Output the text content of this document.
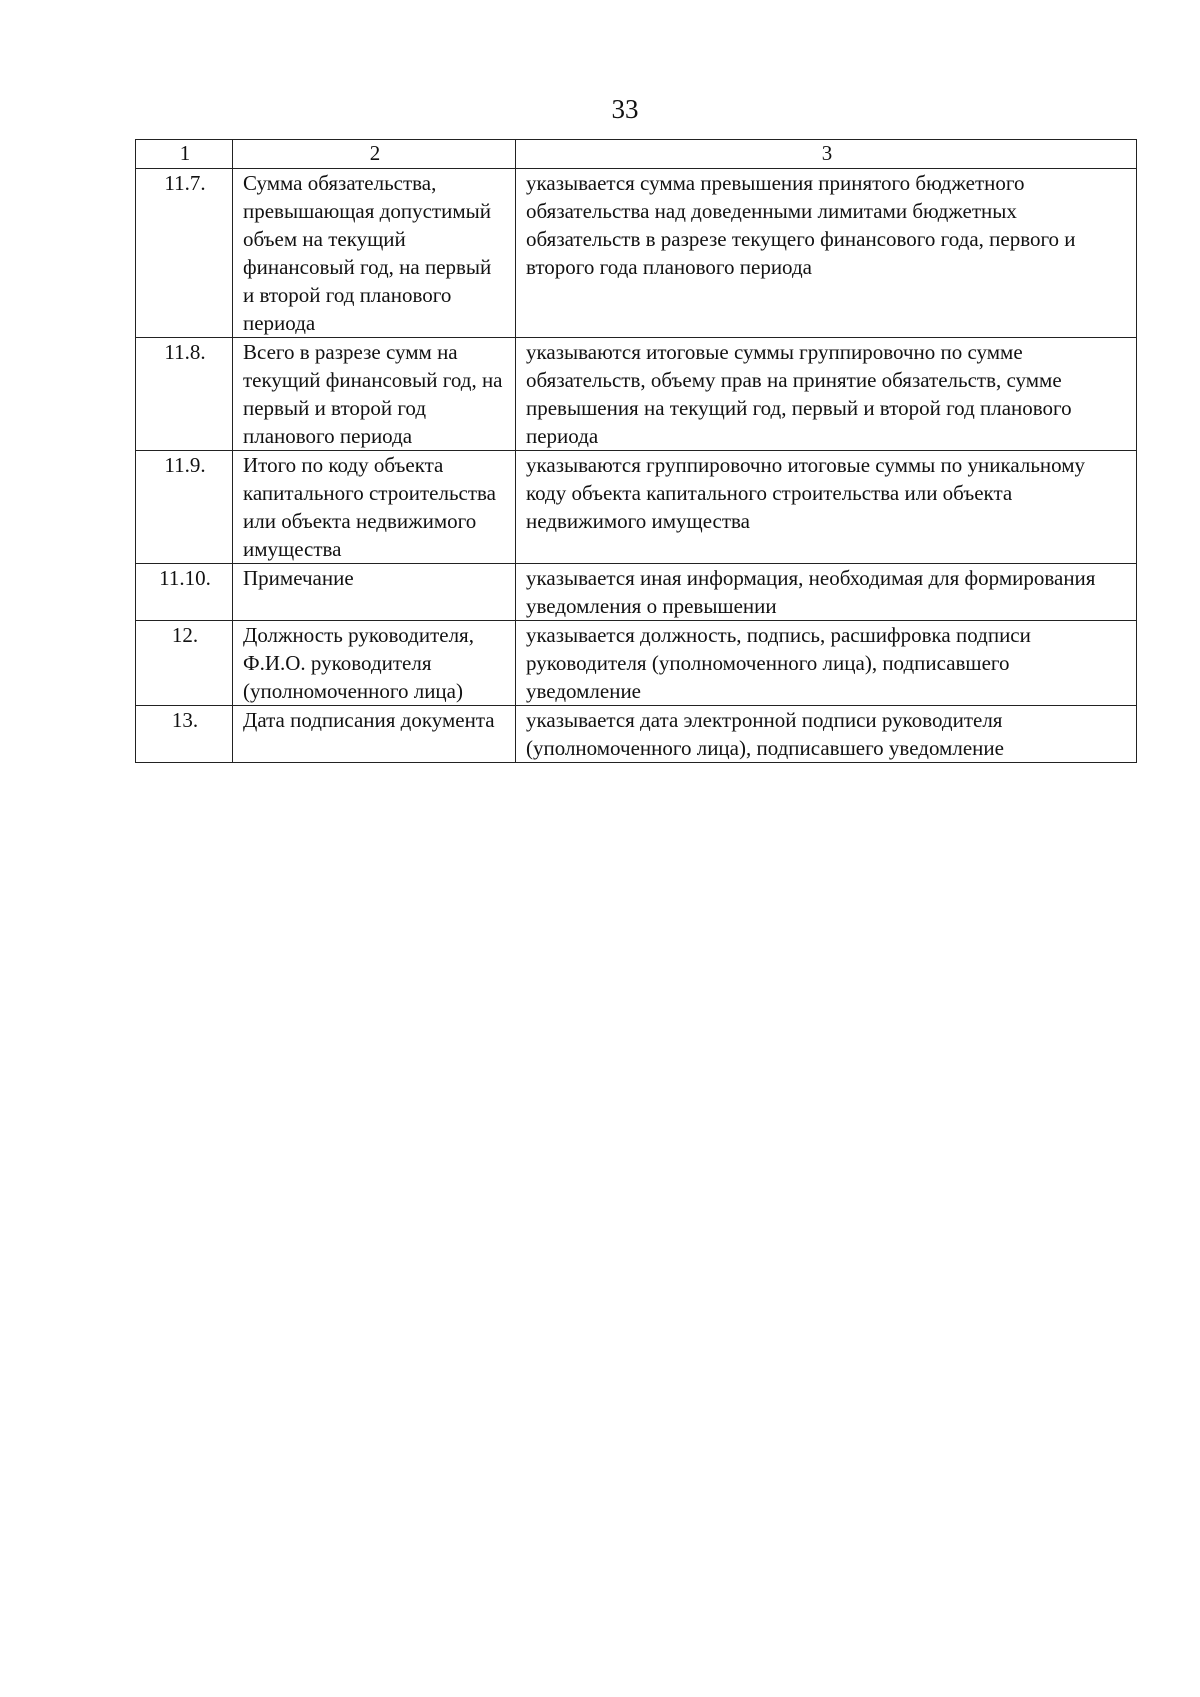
33
1	2	3
11.7.	Сумма обязательства, превышающая допустимый объем на текущий финансовый год, на первый и второй год планового периода	указывается сумма превышения принятого бюджетного обязательства над доведенными лимитами бюджетных обязательств в разрезе текущего финансового года, первого и второго года планового периода
11.8.	Всего в разрезе сумм на текущий финансовый год, на первый и второй год планового периода	указываются итоговые суммы группировочно по сумме обязательств, объему прав на принятие обязательств, сумме превышения на текущий год, первый и второй год планового периода
11.9.	Итого по коду объекта капитального строительства или объекта недвижимого имущества	указываются группировочно итоговые суммы по уникальному коду объекта капитального строительства или объекта недвижимого имущества
11.10.	Примечание	указывается иная информация, необходимая для формирования уведомления о превышении
12.	Должность руководителя, Ф.И.О. руководителя (уполномоченного лица)	указывается должность, подпись, расшифровка подписи руководителя (уполномоченного лица), подписавшего уведомление
13.	Дата подписания документа	указывается дата электронной подписи руководителя (уполномоченного лица), подписавшего уведомление
